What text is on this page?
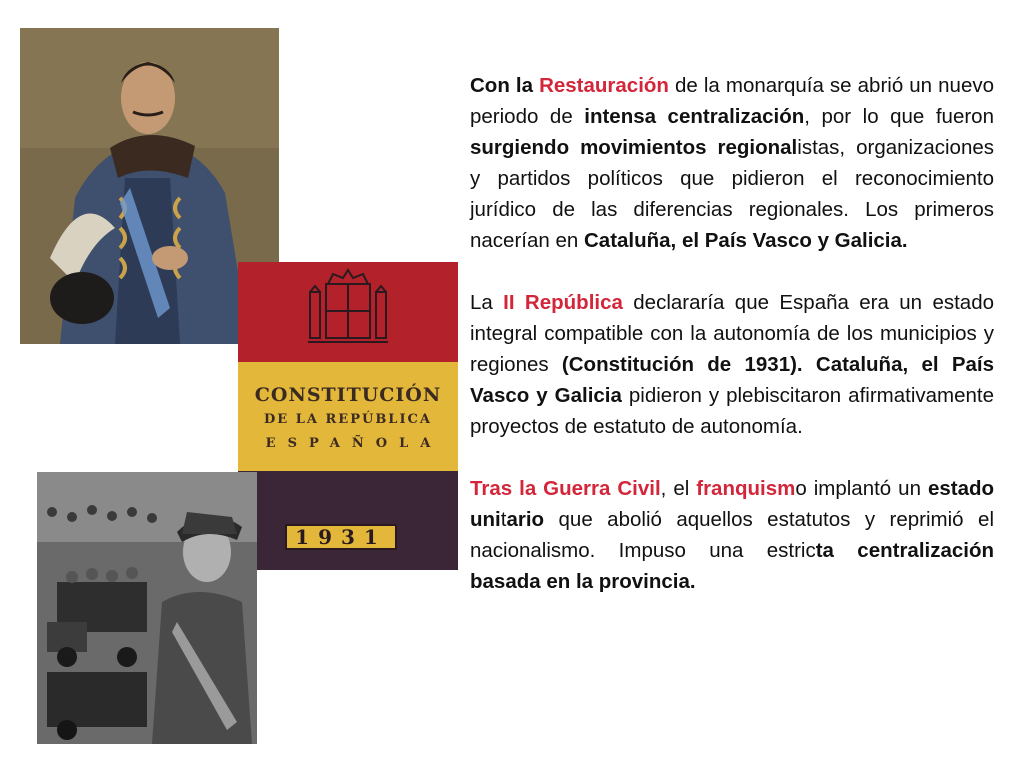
CONSTITUCIÓN
DE LA REPÚBLICA
ESPAÑOLA
1931

Con la Restauración de la monarquía se abrió un nuevo periodo de intensa centralización, por lo que fueron surgiendo movimientos regionalistas, organizaciones y partidos políticos que pidieron el reconocimiento jurídico de las diferencias regionales. Los primeros nacerían en Cataluña, el País Vasco y Galicia.

La II República declararía que España era un estado integral compatible con la autonomía de los municipios y regiones (Constitución de 1931). Cataluña, el País Vasco y Galicia pidieron y plebiscitaron afirmativamente proyectos de estatuto de autonomía.

Tras la Guerra Civil, el franquismo implantó un estado unitario que abolió aquellos estatutos y reprimió el nacionalismo. Impuso una estricta centralización basada en la provincia.
